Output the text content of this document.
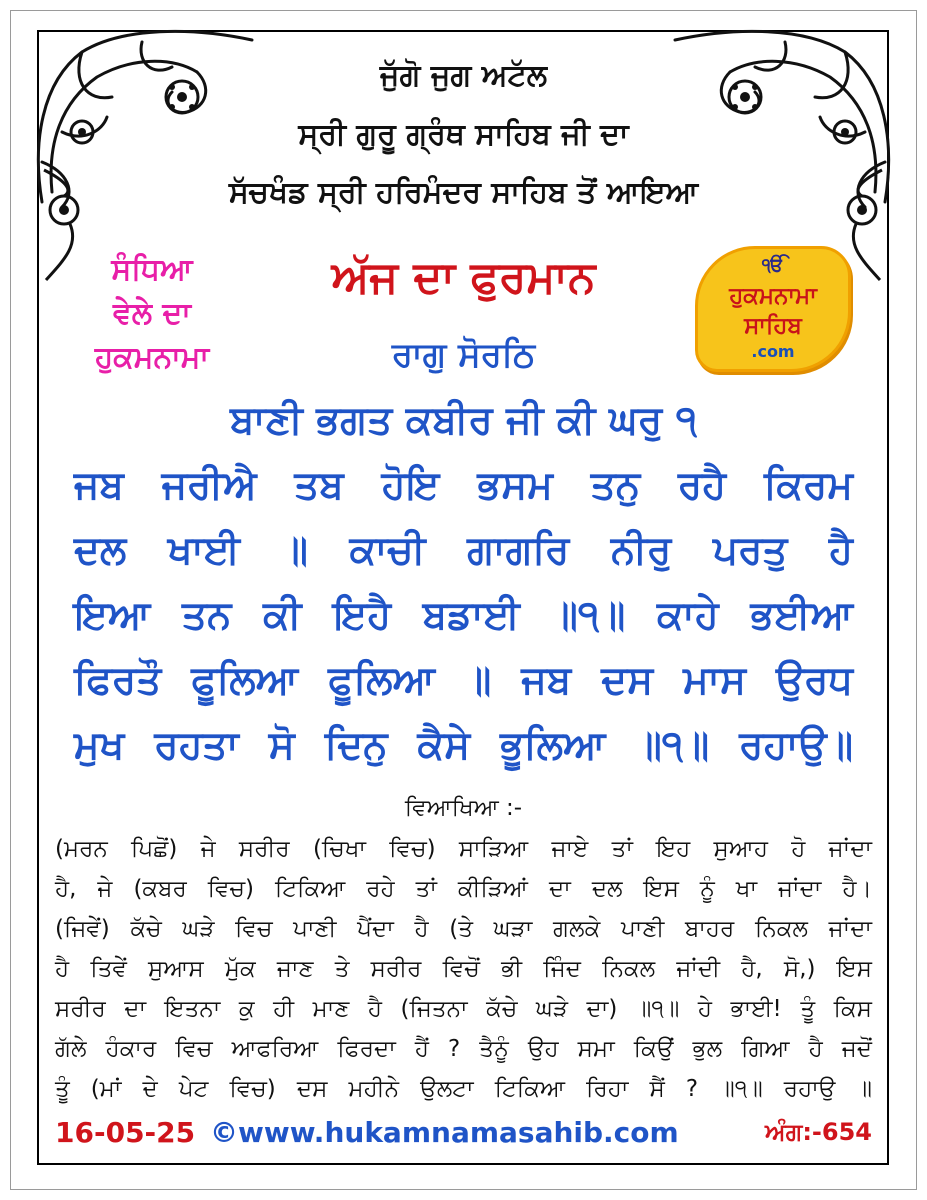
ਜੁੱਗੋ ਜੁਗ ਅਟੱਲ
ਸ੍ਰੀ ਗੁਰੂ ਗ੍ਰੰਥ ਸਾਹਿਬ ਜੀ ਦਾ
ਸੱਚਖੰਡ ਸ੍ਰੀ ਹਰਿਮੰਦਰ ਸਾਹਿਬ ਤੋਂ ਆਇਆ
ਸੰਧਿਆ
ਵੇਲੇ ਦਾ
ਹੁਕਮਨਾਮਾ
ਅੱਜ ਦਾ ਫੁਰਮਾਨ
ਰਾਗੁ ਸੋਰਠਿ
ੴ
ਹੁਕਮਨਾਮਾ
ਸਾਹਿਬ
.com
ਬਾਣੀ ਭਗਤ ਕਬੀਰ ਜੀ ਕੀ ਘਰੁ ੧
ਜਬ ਜਰੀਐ ਤਬ ਹੋਇ ਭਸਮ ਤਨੁ ਰਹੈ ਕਿਰਮ
ਦਲ ਖਾਈ ॥ ਕਾਚੀ ਗਾਗਰਿ ਨੀਰੁ ਪਰਤੁ ਹੈ
ਇਆ ਤਨ ਕੀ ਇਹੈ ਬਡਾਈ ॥੧॥ ਕਾਹੇ ਭਈਆ
ਫਿਰਤੌ ਫੂਲਿਆ ਫੂਲਿਆ ॥ ਜਬ ਦਸ ਮਾਸ ਉਰਧ
ਮੁਖ ਰਹਤਾ ਸੋ ਦਿਨੁ ਕੈਸੇ ਭੂਲਿਆ ॥੧॥ ਰਹਾਉ॥
ਵਿਆਖਿਆ :-
(ਮਰਨ ਪਿਛੋਂ) ਜੇ ਸਰੀਰ (ਚਿਖਾ ਵਿਚ) ਸਾੜਿਆ ਜਾਏ ਤਾਂ ਇਹ ਸੁਆਹ ਹੋ ਜਾਂਦਾ
ਹੈ, ਜੇ (ਕਬਰ ਵਿਚ) ਟਿਕਿਆ ਰਹੇ ਤਾਂ ਕੀੜਿਆਂ ਦਾ ਦਲ ਇਸ ਨੂੰ ਖਾ ਜਾਂਦਾ ਹੈ।
(ਜਿਵੇਂ) ਕੱਚੇ ਘੜੇ ਵਿਚ ਪਾਣੀ ਪੈਂਦਾ ਹੈ (ਤੇ ਘੜਾ ਗਲਕੇ ਪਾਣੀ ਬਾਹਰ ਨਿਕਲ ਜਾਂਦਾ
ਹੈ ਤਿਵੇਂ ਸੁਆਸ ਮੁੱਕ ਜਾਣ ਤੇ ਸਰੀਰ ਵਿਚੋਂ ਭੀ ਜਿੰਦ ਨਿਕਲ ਜਾਂਦੀ ਹੈ, ਸੋ,) ਇਸ
ਸਰੀਰ ਦਾ ਇਤਨਾ ਕੁ ਹੀ ਮਾਣ ਹੈ (ਜਿਤਨਾ ਕੱਚੇ ਘੜੇ ਦਾ) ॥੧॥ ਹੇ ਭਾਈ! ਤੂੰ ਕਿਸ
ਗੱਲੇ ਹੰਕਾਰ ਵਿਚ ਆਫਰਿਆ ਫਿਰਦਾ ਹੈਂ ? ਤੈਨੂੰ ਉਹ ਸਮਾ ਕਿਉਂ ਭੁਲ ਗਿਆ ਹੈ ਜਦੋਂ
ਤੂੰ (ਮਾਂ ਦੇ ਪੇਟ ਵਿਚ) ਦਸ ਮਹੀਨੇ ਉਲਟਾ ਟਿਕਿਆ ਰਿਹਾ ਸੈਂ ? ॥੧॥ ਰਹਾਉ ॥
16-05-25 ©www.hukamnamasahib.com	ਅੰਗ:-654
